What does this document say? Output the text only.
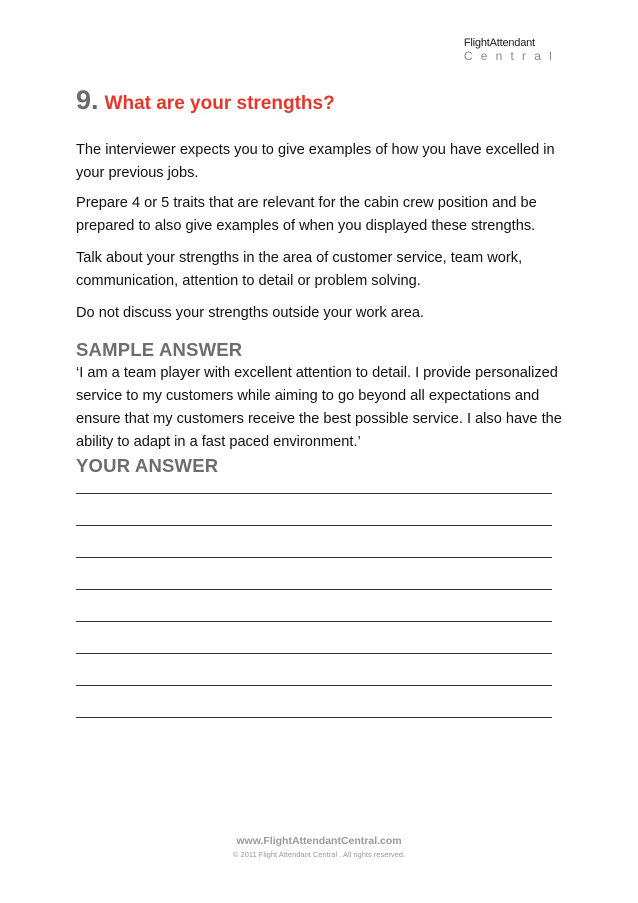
FlightAttendant
Central
9. What are your strengths?

The interviewer expects you to give examples of how you have excelled in your previous jobs.

Prepare 4 or 5 traits that are relevant for the cabin crew position and be prepared to also give examples of when you displayed these strengths.

Talk about your strengths in the area of customer service, team work, communication, attention to detail or problem solving.

Do not discuss your strengths outside your work area.

SAMPLE ANSWER

‘I am a team player with excellent attention to detail. I provide personalized service to my customers while aiming to go beyond all expectations and ensure that my customers receive the best possible service. I also have the ability to adapt in a fast paced environment.’

YOUR ANSWER
www.FlightAttendantCentral.com
© 2011 Flight Attendant Central . All rights reserved.
